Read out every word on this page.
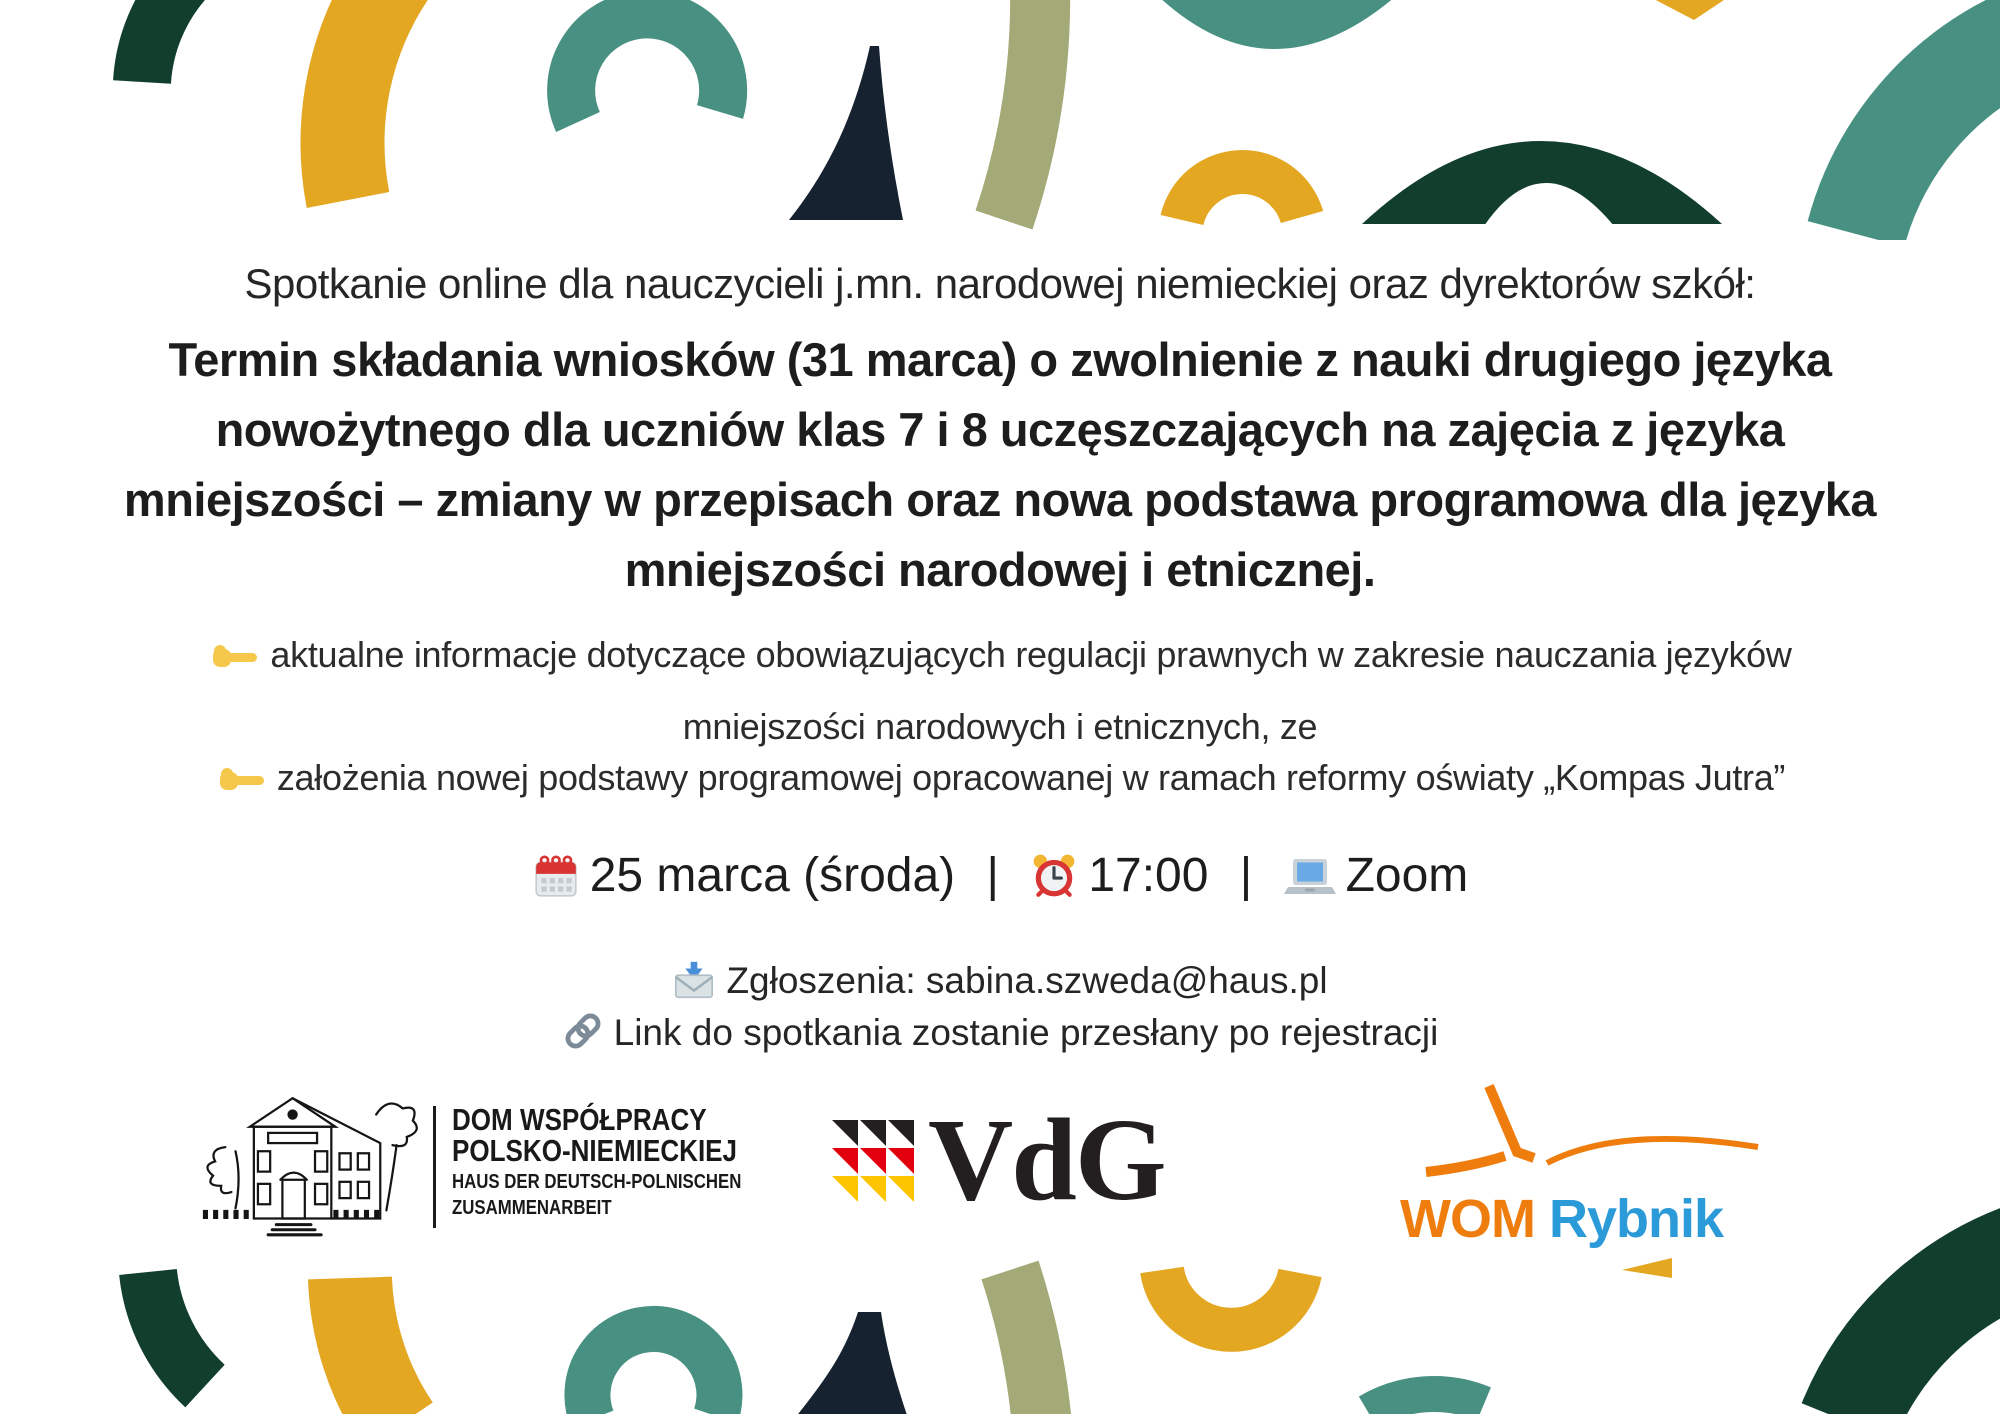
Spotkanie online dla nauczycieli j.mn. narodowej niemieckiej oraz dyrektorów szkół:
Termin składania wniosków (31 marca) o zwolnienie z nauki drugiego języka
nowożytnego dla uczniów klas 7 i 8 uczęszczających na zajęcia z języka
mniejszości – zmiany w przepisach oraz nowa podstawa programowa dla języka
mniejszości narodowej i etnicznej.
aktualne informacje dotyczące obowiązujących regulacji prawnych w zakresie nauczania języków
mniejszości narodowych i etnicznych, ze
założenia nowej podstawy programowej opracowanej w ramach reformy oświaty „Kompas Jutra”
25 marca (środa) | 17:00 | Zoom
Zgłoszenia: sabina.szweda@haus.pl
Link do spotkania zostanie przesłany po rejestracji
DOM WSPÓŁPRACY
POLSKO-NIEMIECKIEJ
HAUS DER DEUTSCH-POLNISCHEN
ZUSAMMENARBEIT	VdG	WOM Rybnik
